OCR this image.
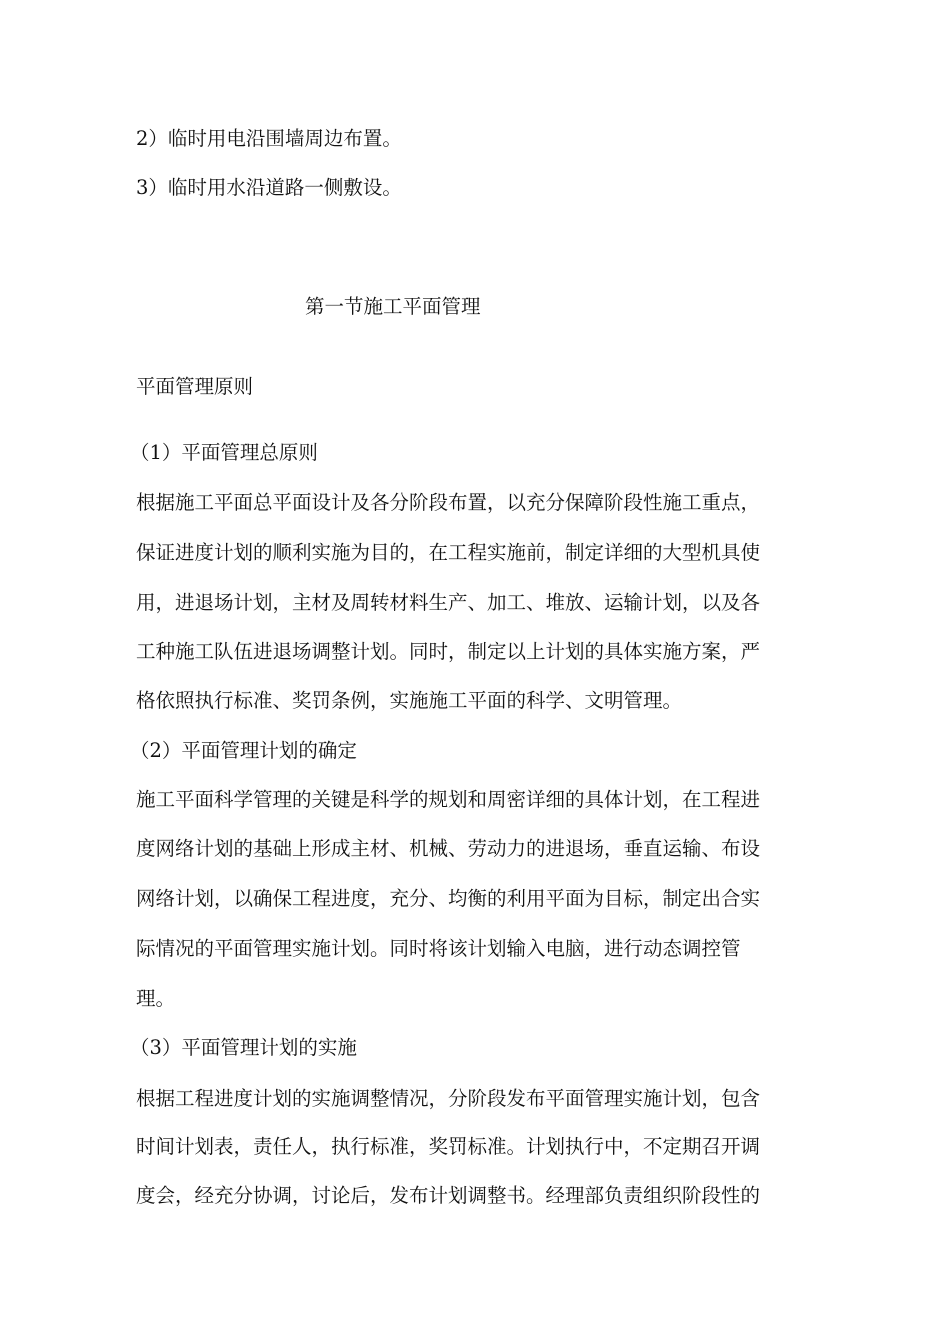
2）临时用电沿围墙周边布置。
3）临时用水沿道路一侧敷设。
第一节施工平面管理
平面管理原则
（1）平面管理总原则
根据施工平面总平面设计及各分阶段布置，以充分保障阶段性施工重点，
保证进度计划的顺利实施为目的，在工程实施前，制定详细的大型机具使
用，进退场计划，主材及周转材料生产、加工、堆放、运输计划，以及各
工种施工队伍进退场调整计划。同时，制定以上计划的具体实施方案，严
格依照执行标准、奖罚条例，实施施工平面的科学、文明管理。
（2）平面管理计划的确定
施工平面科学管理的关键是科学的规划和周密详细的具体计划，在工程进
度网络计划的基础上形成主材、机械、劳动力的进退场，垂直运输、布设
网络计划，以确保工程进度，充分、均衡的利用平面为目标，制定出合实
际情况的平面管理实施计划。同时将该计划输入电脑，进行动态调控管
理。
（3）平面管理计划的实施
根据工程进度计划的实施调整情况，分阶段发布平面管理实施计划，包含
时间计划表，责任人，执行标准，奖罚标准。计划执行中，不定期召开调
度会，经充分协调，讨论后，发布计划调整书。经理部负责组织阶段性的
